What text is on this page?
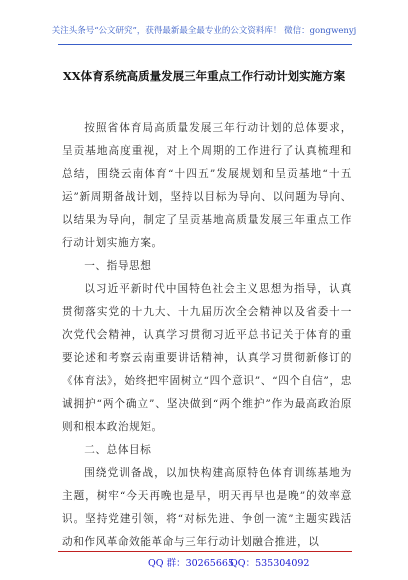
关注头条号“公文研究”，获得最新最全最专业的公文资料库！ 微信：gongwenyj
XX体育系统高质量发展三年重点工作行动计划实施方案

按照省体育局高质量发展三年行动计划的总体要求，呈贡基地高度重视，对上个周期的工作进行了认真梳理和总结，围绕云南体育“十四五”发展规划和呈贡基地“十五运”新周期备战计划，坚持以目标为导向、以问题为导向、以结果为导向，制定了呈贡基地高质量发展三年重点工作行动计划实施方案。

一、指导思想

以习近平新时代中国特色社会主义思想为指导，认真贯彻落实党的十九大、十九届历次全会精神以及省委十一次党代会精神，认真学习贯彻习近平总书记关于体育的重要论述和考察云南重要讲话精神，认真学习贯彻新修订的《体育法》，始终把牢固树立“四个意识”、“四个自信”，忠诚拥护“两个确立”、坚决做到“两个维护”作为最高政治原则和根本政治规矩。

二、总体目标

围绕党训备战，以加快构建高原特色体育训练基地为主题，树牢“今天再晚也是早，明天再早也是晚”的效率意识。坚持党建引领，将“对标先进、争创一流”主题实践活动和作风革命效能革命与三年行动计划融合推进，以

QQ 群：30265665
QQ：535304092
